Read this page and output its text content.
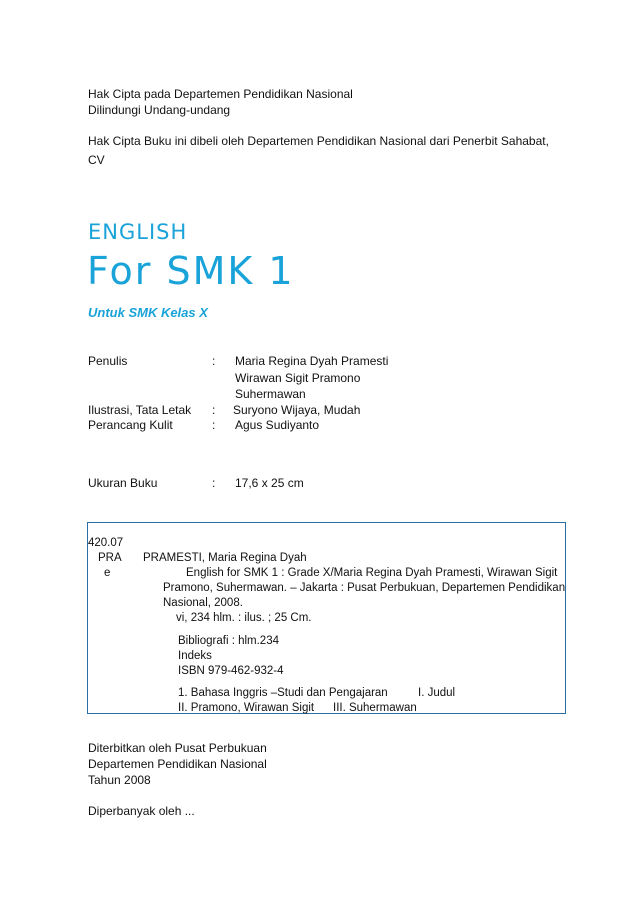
Hak Cipta pada Departemen Pendidikan Nasional
Dilindungi Undang-undang
Hak Cipta Buku ini dibeli oleh Departemen Pendidikan Nasional dari Penerbit Sahabat,
CV
ENGLISH
For SMK 1
Untuk SMK Kelas X
Penulis	: Maria Regina Dyah Pramesti
Wirawan Sigit Pramono
Suhermawan
Ilustrasi, Tata Letak : Suryono Wijaya, Mudah
Perancang Kulit	: Agus Sudiyanto
Ukuran Buku	: 17,6 x 25 cm
420.07
PRA
e
PRAMESTI, Maria Regina Dyah
English for SMK 1 : Grade X/Maria Regina Dyah Pramesti, Wirawan Sigit
Pramono, Suhermawan. – Jakarta : Pusat Perbukuan, Departemen Pendidikan
Nasional, 2008.
vi, 234 hlm. : ilus. ; 25 Cm.
Bibliografi : hlm.234
Indeks
ISBN 979-462-932-4
1. Bahasa Inggris –Studi dan Pengajaran	I. Judul
II. Pramono, Wirawan Sigit III. Suhermawan
Diterbitkan oleh Pusat Perbukuan
Departemen Pendidikan Nasional
Tahun 2008
Diperbanyak oleh ...
